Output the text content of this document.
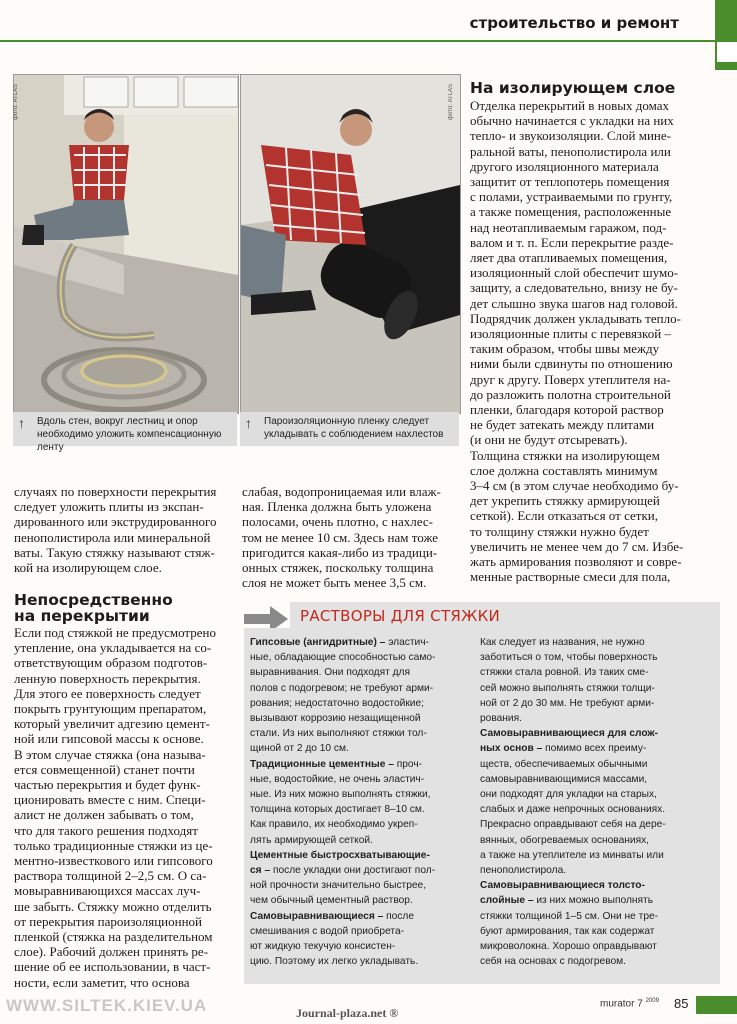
строительство и ремонт
фото: ATLAS
↑ Вдоль стен, вокруг лестниц и опор необходимо уложить компенсационную ленту
фото: ATLAS
↑ Пароизоляционную пленку следует укладывать с соблюдением нахлестов
На изолирующем слое
Отделка перекрытий в новых домах
обычно начинается с укладки на них
тепло- и звукоизоляции. Слой мине-
ральной ваты, пенополистирола или
другого изоляционного материала
защитит от теплопотерь помещения
с полами, устраиваемыми по грунту,
а также помещения, расположенные
над неотапливаемым гаражом, под-
валом и т. п. Если перекрытие разде-
ляет два отапливаемых помещения,
изоляционный слой обеспечит шумо-
защиту, а следовательно, внизу не бу-
дет слышно звука шагов над головой.
Подрядчик должен укладывать тепло-
изоляционные плиты с перевязкой –
таким образом, чтобы швы между
ними были сдвинуты по отношению
друг к другу. Поверх утеплителя на-
до разложить полотна строительной
пленки, благодаря которой раствор
не будет затекать между плитами
(и они не будут отсыревать).
Толщина стяжки на изолирующем
слое должна составлять минимум
3–4 см (в этом случае необходимо бу-
дет укрепить стяжку армирующей
сеткой). Если отказаться от сетки,
то толщину стяжки нужно будет
увеличить не менее чем до 7 см. Избе-
жать армирования позволяют и совре-
менные растворные смеси для пола,
случаях по поверхности перекрытия
следует уложить плиты из экспан-
дированного или экструдированного
пенополистирола или минеральной
ваты. Такую стяжку называют стяж-
кой на изолирующем слое.
слабая, водопроницаемая или влаж-
ная. Пленка должна быть уложена
полосами, очень плотно, с нахлес-
том не менее 10 см. Здесь нам тоже
пригодится какая-либо из традици-
онных стяжек, поскольку толщина
слоя не может быть менее 3,5 см.
Непосредственно
на перекрытии
Если под стяжкой не предусмотрено
утепление, она укладывается на со-
ответствующим образом подготов-
ленную поверхность перекрытия.
Для этого ее поверхность следует
покрыть грунтующим препаратом,
который увеличит адгезию цемент-
ной или гипсовой массы к основе.
В этом случае стяжка (она называ-
ется совмещенной) станет почти
частью перекрытия и будет функ-
ционировать вместе с ним. Специ-
алист не должен забывать о том,
что для такого решения подходят
только традиционные стяжки из це-
ментно-известкового или гипсового
раствора толщиной 2–2,5 см. О са-
мовыравнивающихся массах луч-
ше забыть. Стяжку можно отделить
от перекрытия пароизоляционной
пленкой (стяжка на разделительном
слое). Рабочий должен принять ре-
шение об ее использовании, в част-
ности, если заметит, что основа
РАСТВОРЫ ДЛЯ СТЯЖКИ
Гипсовые (ангидритные) – эластич-
ные, обладающие способностью само-
выравнивания. Они подходят для
полов с подогревом; не требуют арми-
рования; недостаточно водостойкие;
вызывают коррозию незащищенной
стали. Из них выполняют стяжки тол-
щиной от 2 до 10 см.
Традиционные цементные – проч-
ные, водостойкие, не очень эластич-
ные. Из них можно выполнять стяжки,
толщина которых достигает 8–10 см.
Как правило, их необходимо укреп-
лять армирующей сеткой.
Цементные быстросхватывающие-
ся – после укладки они достигают пол-
ной прочности значительно быстрее,
чем обычный цементный раствор.
Самовыравнивающиеся – после
смешивания с водой приобрета-
ют жидкую текучую консистен-
цию. Поэтому их легко укладывать.
Как следует из названия, не нужно
заботиться о том, чтобы поверхность
стяжки стала ровной. Из таких сме-
сей можно выполнять стяжки толщи-
ной от 2 до 30 мм. Не требуют арми-
рования.
Самовыравнивающиеся для слож-
ных основ – помимо всех преиму-
ществ, обеспечиваемых обычными
самовыравнивающимися массами,
они подходят для укладки на старых,
слабых и даже непрочных основаниях.
Прекрасно оправдывают себя на дере-
вянных, обогреваемых основаниях,
а также на утеплителе из минваты или
пенополистирола.
Самовыравнивающиеся толсто-
слойные – из них можно выполнять
стяжки толщиной 1–5 см. Они не тре-
буют армирования, так как содержат
микроволокна. Хорошо оправдывают
себя на основах с подогревом.
WWW.SILTEK.KIEV.UA	Journal-plaza.net ®
murator 7 $^{2009}$ 85
